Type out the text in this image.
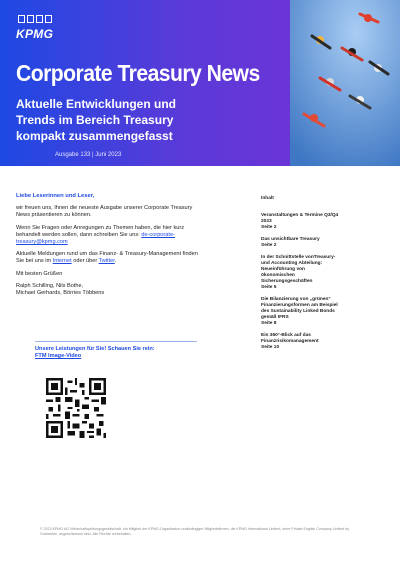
KPMG
Corporate Treasury News
Aktuelle Entwicklungen und Trends im Bereich Treasury kompakt zusammengefasst
Ausgabe 133 | Juni 2023

Liebe Leserinnen und Leser,

wir freuen uns, Ihnen die neueste Ausgabe unserer Corporate Treasury News präsentieren zu können.

Wenn Sie Fragen oder Anregungen zu Themen haben, die hier kurz behandelt werden sollen, dann schreiben Sie uns: de-corporate-treasury@kpmg.com

Aktuelle Meldungen rund um das Finanz- & Treasury-Management finden Sie bei uns im Internet oder über Twitter.

Mit besten Grüßen

Ralph Schilling, Nils Bothe,
Michael Gerhards, Börries Többens

Unsere Leistungen für Sie! Schauen Sie rein:
FTM Image-Video
Inhalt
Veranstaltungen & Termine Q3/Q4 2023
Seite 2
Das unsichtbare Treasury
Seite 2
In der Schnittstelle vonTreasury- und Accounting Abteilung: Neueinführung von ökonomischen Sicherungsgeschäften
Seite 5
Die Bilanzierung von „grünen“ Finanzierungsformen am Beispiel des Sustainability Linked Bonds gemäß IFRS
Seite 8
Ein 360°-Blick auf das Finanzrisikomanagement
Seite 10
© 2023 KPMG AG Wirtschaftsprüfungsgesellschaft, ein Mitglied der KPMG-Organisation unabhängiger Mitgliedsfirmen, die KPMG International Limited, einer Private English Company Limited by Guarantee, angeschlossen sind. Alle Rechte vorbehalten.
